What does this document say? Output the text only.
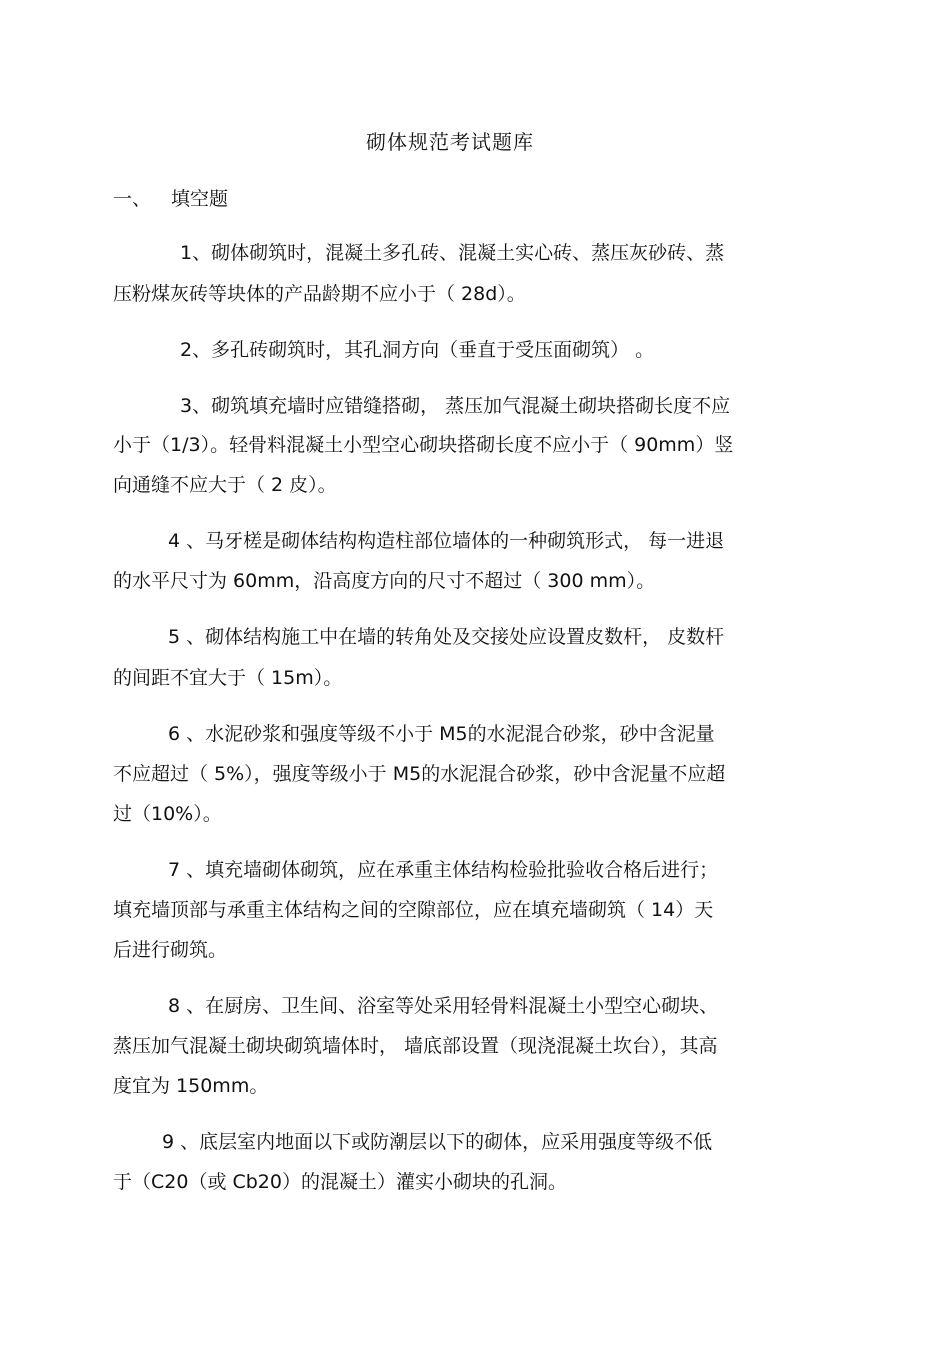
砌体规范考试题库
一、 填空题
1、砌体砌筑时，混凝土多孔砖、混凝土实心砖、蒸压灰砂砖、蒸
压粉煤灰砖等块体的产品龄期不应小于（ 28d）。
2、多孔砖砌筑时，其孔洞方向（垂直于受压面砌筑） 。
3、砌筑填充墙时应错缝搭砌， 蒸压加气混凝土砌块搭砌长度不应
小于（1/3）。轻骨料混凝土小型空心砌块搭砌长度不应小于（ 90mm）竖
向通缝不应大于（ 2 皮）。
4 、马牙槎是砌体结构构造柱部位墙体的一种砌筑形式， 每一进退
的水平尺寸为 60mm，沿高度方向的尺寸不超过（ 300 mm）。
5 、砌体结构施工中在墙的转角处及交接处应设置皮数杆， 皮数杆
的间距不宜大于（ 15m）。
6 、水泥砂浆和强度等级不小于 M5的水泥混合砂浆，砂中含泥量
不应超过（ 5%），强度等级小于 M5的水泥混合砂浆，砂中含泥量不应超
过（10%）。
7 、填充墙砌体砌筑，应在承重主体结构检验批验收合格后进行；
填充墙顶部与承重主体结构之间的空隙部位，应在填充墙砌筑（ 14）天
后进行砌筑。
8 、在厨房、卫生间、浴室等处采用轻骨料混凝土小型空心砌块、
蒸压加气混凝土砌块砌筑墙体时， 墙底部设置（现浇混凝土坎台），其高
度宜为 150mm。
9 、底层室内地面以下或防潮层以下的砌体，应采用强度等级不低
于（C20（或 Cb20）的混凝土）灌实小砌块的孔洞。
